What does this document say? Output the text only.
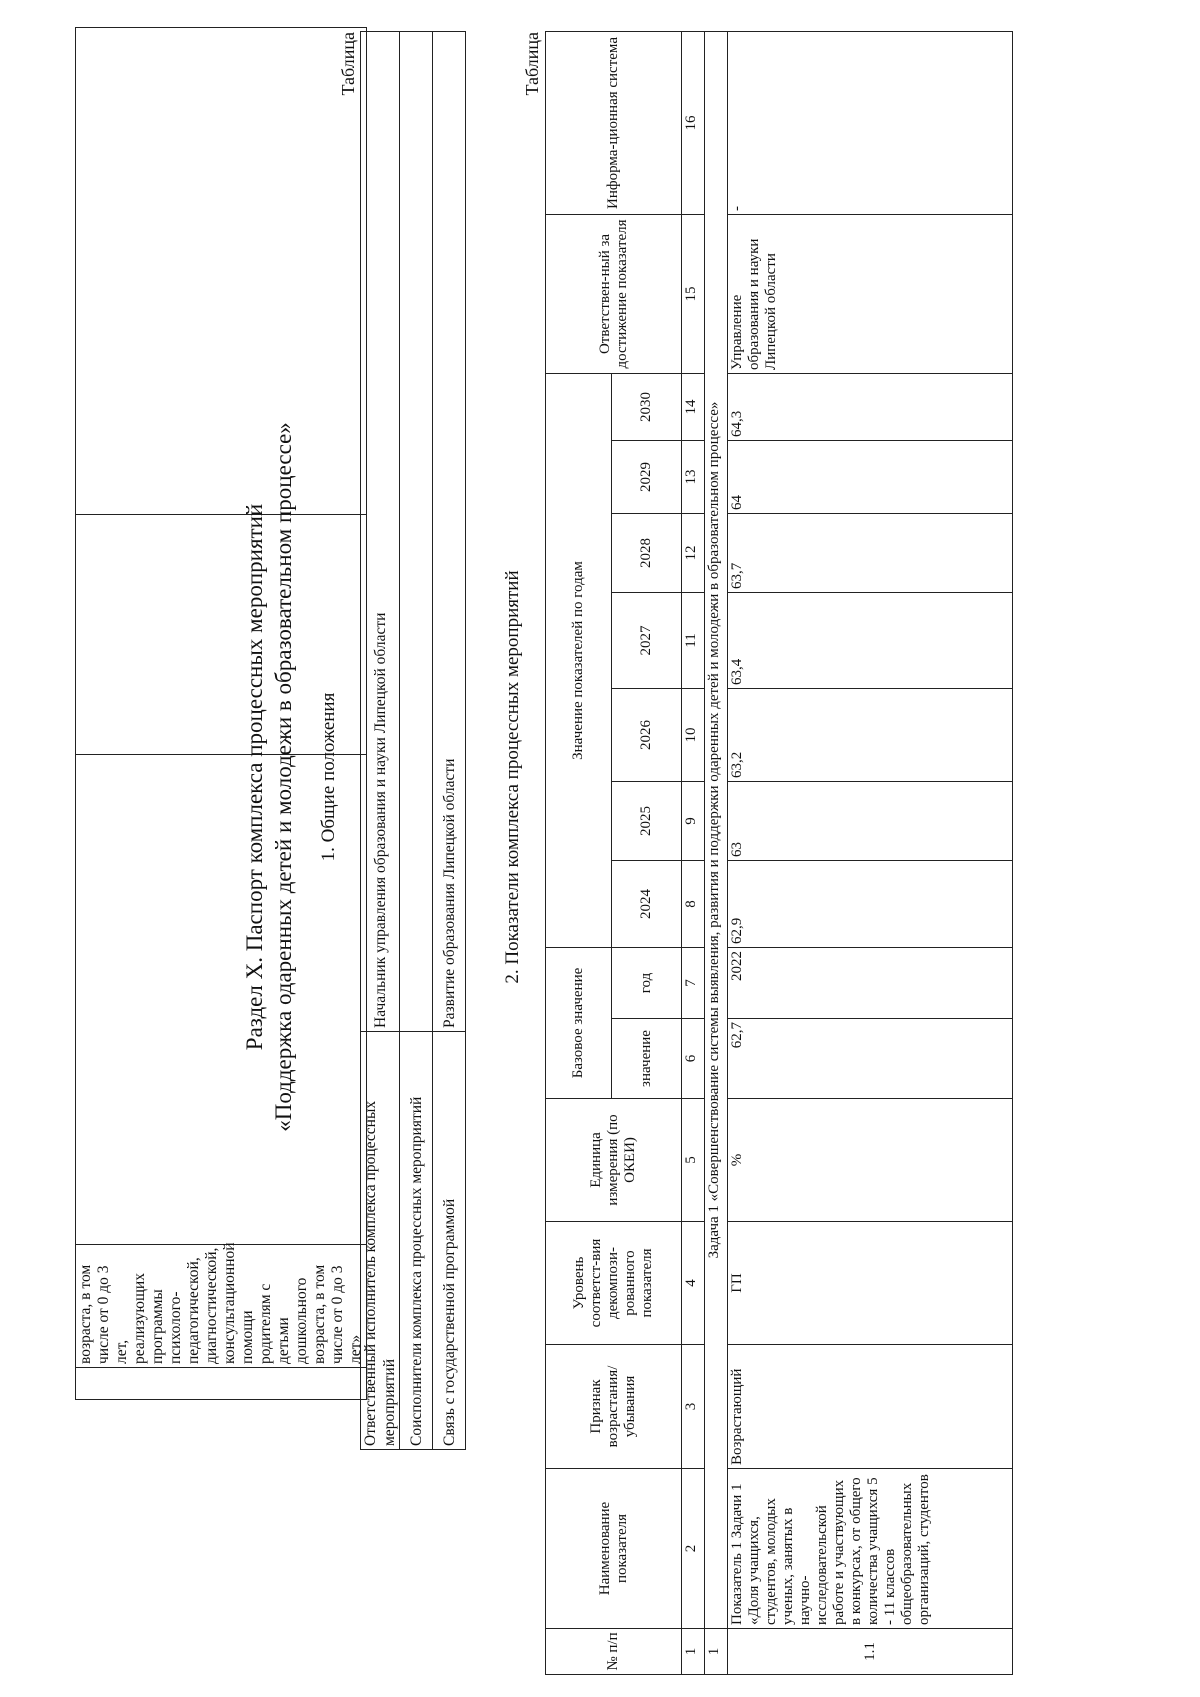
	возраста, в том числе от 0 до 3 лет, реализующих программы психолого-педагогической, диагностической, консультационной помощи родителям с детьми дошкольного возраста, в том числе от 0 до 3 лет»			
Раздел X. Паспорт комплекса процессных мероприятий «Поддержка одаренных детей и молодежи в образовательном процессе» 1. Общие положения
Таблица
Ответственный исполнитель комплекса процессных мероприятий	Начальник управления образования и науки Липецкой области
Соисполнители комплекса процессных мероприятий	
Связь с государственной программой	Развитие образования Липецкой области 2. Показатели комплекса процессных мероприятий
Таблица
№ п/п	Наименование показателя	Признак возрастания/ убывания	Уровень соответст-вия декомпози-рованного показателя	Единица измерения (по ОКЕИ)	Базовое значение		Значение показателей по годам							Ответствен-ный за достижение показателя	Информа-ционная система
					значение	год	2024	2025	2026	2027	2028	2029	2030		
1	2	3	4	5	6	7	8	9	10	11	12	13	14	15	16
1	Задача 1 «Совершенствование системы выявления, развития и поддержки одаренных детей и молодежи в образовательном процессе»														
1.1	Показатель 1 Задачи 1 «Доля учащихся, студентов, молодых ученых, занятых в научно-исследовательской работе и участвующих в конкурсах, от общего количества учащихся 5 - 11 классов общеобразовательных организаций, студентов	Возрастающий	ГП	%	62,7	2022	62,9	63	63,2	63,4	63,7	64	64,3	Управление образования и науки Липецкой области	-
